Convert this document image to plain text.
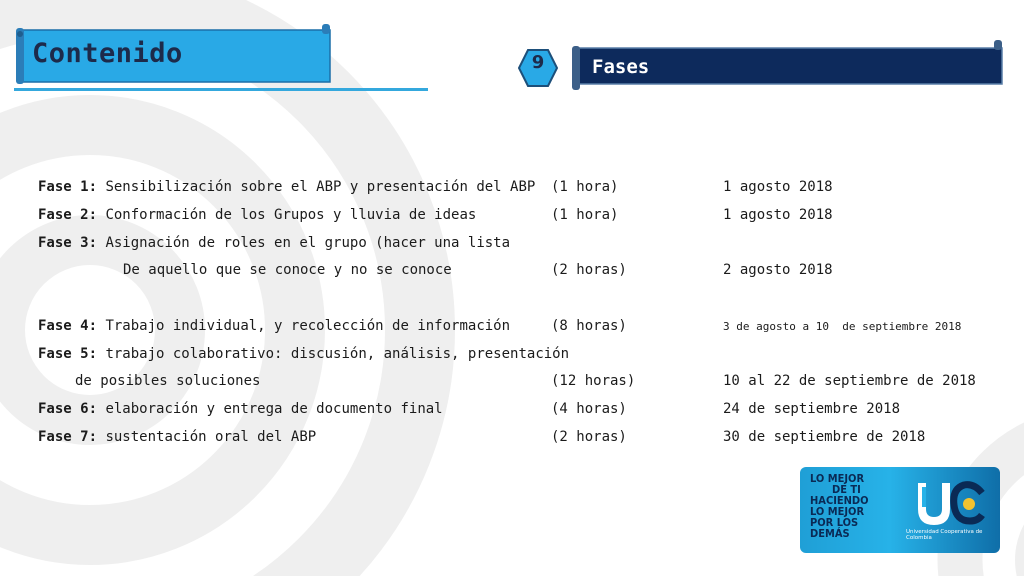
Contenido	9	Fases
Fase 1: Sensibilización sobre el ABP y presentación del ABP (1 hora)	1 agosto 2018
Fase 2: Conformación de los Grupos y lluvia de ideas	(1 hora)	1 agosto 2018
Fase 3: Asignación de roles en el grupo (hacer una lista
De aquello que se conoce y no se conoce	(2 horas)	2 agosto 2018
Fase 4: Trabajo individual, y recolección de información	(8 horas)	3 de agosto a 10  de septiembre 2018
Fase 5: trabajo colaborativo: discusión, análisis, presentación
de posibles soluciones	(12 horas)	10 al 22 de septiembre de 2018
Fase 6: elaboración y entrega de documento final	(4 horas)	24 de septiembre 2018
Fase 7: sustentación oral del ABP	(2 horas)	30 de septiembre de 2018
LO MEJOR
DE TI
HACIENDO
LO MEJOR
POR LOS
DEMÁS	Universidad Cooperativa de Colombia
